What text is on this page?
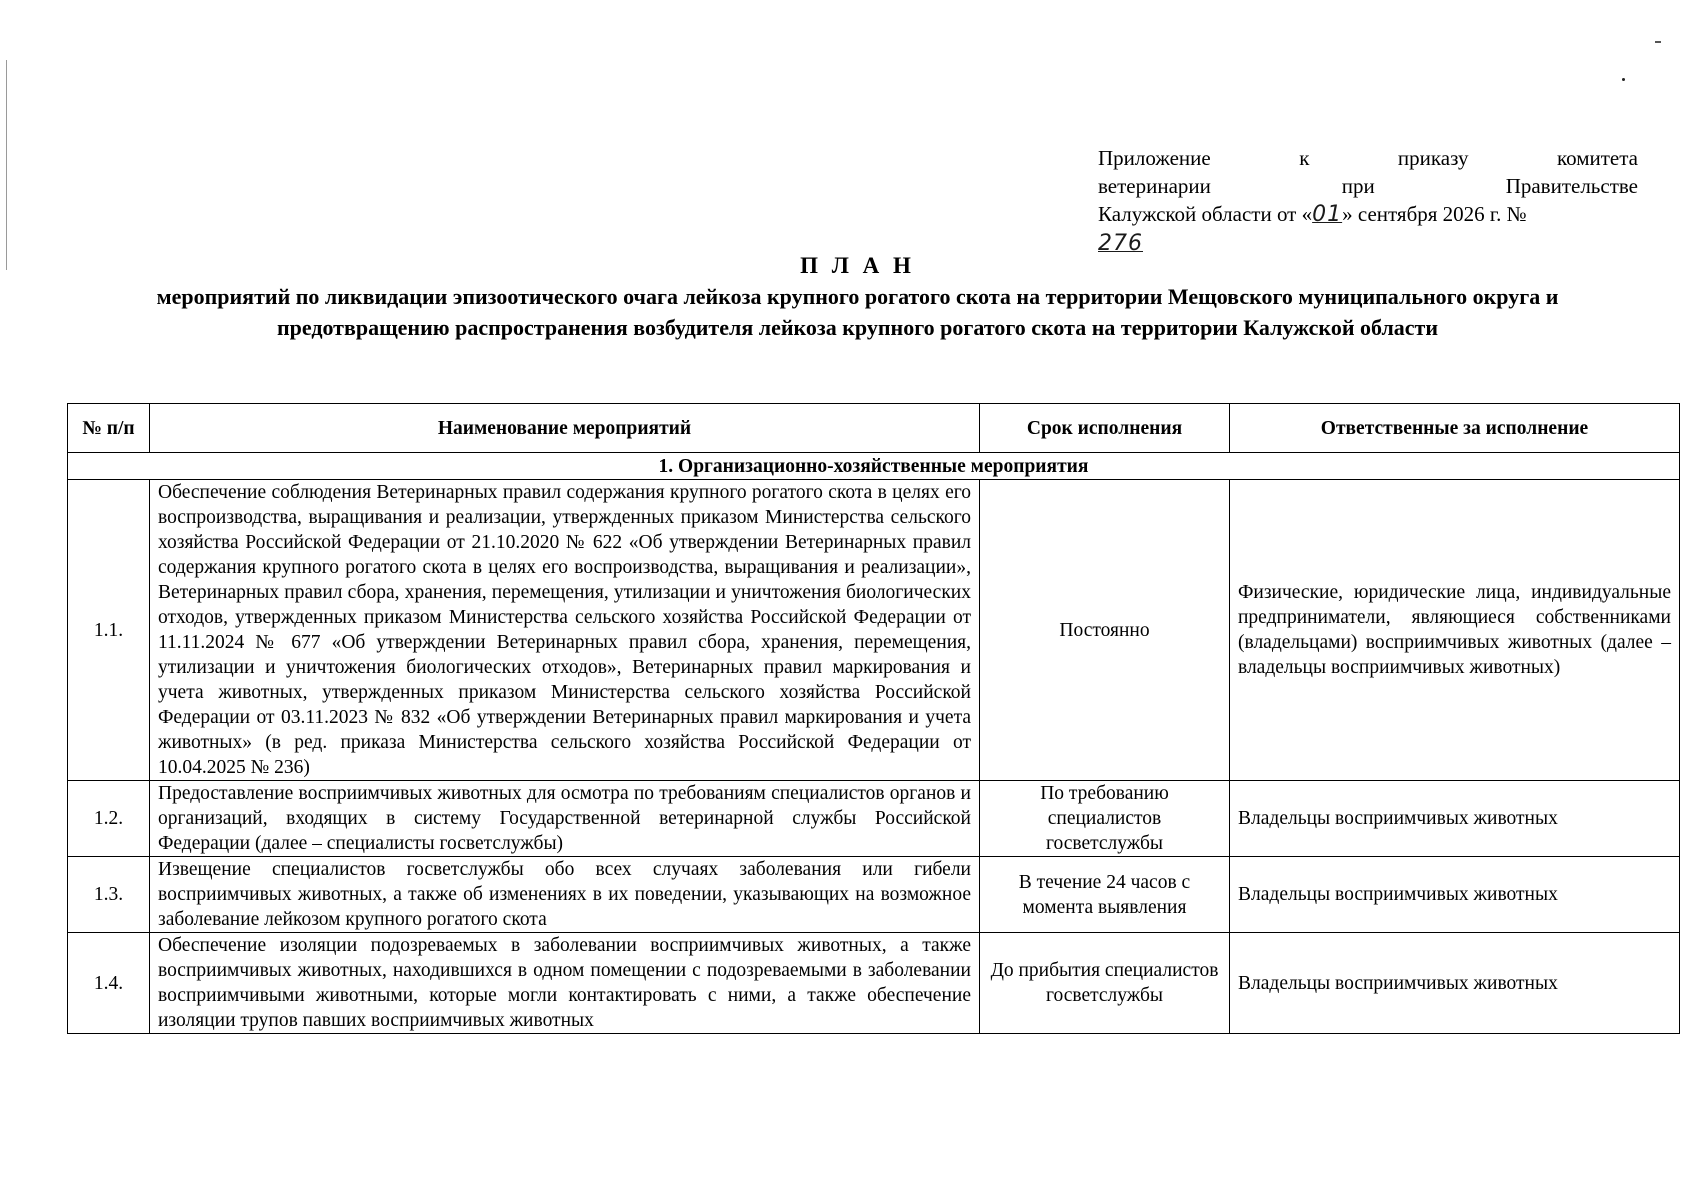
Приложение	к	приказу	комитета
ветеринарии	при	Правительстве
Калужской области от «01» сентября 2026 г. №
276
П Л А Н
мероприятий по ликвидации эпизоотического очага лейкоза крупного рогатого скота на территории Мещовского муниципального округа и предотвращению распространения возбудителя лейкоза крупного рогатого скота на территории Калужской области
№ п/п	Наименование мероприятий	Срок исполнения	Ответственные за исполнение
1. Организационно-хозяйственные мероприятия			
1.1.	Обеспечение соблюдения Ветеринарных правил содержания крупного рогатого скота в целях его воспроизводства, выращивания и реализации, утвержденных приказом Министерства сельского хозяйства Российской Федерации от 21.10.2020 № 622 «Об утверждении Ветеринарных правил содержания крупного рогатого скота в целях его воспроизводства, выращивания и реализации», Ветеринарных правил сбора, хранения, перемещения, утилизации и уничтожения биологических отходов, утвержденных приказом Министерства сельского хозяйства Российской Федерации от 11.11.2024 № 677 «Об утверждении Ветеринарных правил сбора, хранения, перемещения, утилизации и уничтожения биологических отходов», Ветеринарных правил маркирования и учета животных, утвержденных приказом Министерства сельского хозяйства Российской Федерации от 03.11.2023 № 832 «Об утверждении Ветеринарных правил маркирования и учета животных» (в ред. приказа Министерства сельского хозяйства Российской Федерации от 10.04.2025 № 236)	Постоянно	Физические, юридические лица, индивидуальные предприниматели, являющиеся собственниками (владельцами) восприимчивых животных (далее – владельцы восприимчивых животных)
1.2.	Предоставление восприимчивых животных для осмотра по требованиям специалистов органов и организаций, входящих в систему Государственной ветеринарной службы Российской Федерации (далее – специалисты госветслужбы)	По требованию специалистов госветслужбы	Владельцы восприимчивых животных
1.3.	Извещение специалистов госветслужбы обо всех случаях заболевания или гибели восприимчивых животных, а также об изменениях в их поведении, указывающих на возможное заболевание лейкозом крупного рогатого скота	В течение 24 часов с момента выявления	Владельцы восприимчивых животных
1.4.	Обеспечение изоляции подозреваемых в заболевании восприимчивых животных, а также восприимчивых животных, находившихся в одном помещении с подозреваемыми в заболевании восприимчивыми животными, которые могли контактировать с ними, а также обеспечение изоляции трупов павших восприимчивых животных	До прибытия специалистов госветслужбы	Владельцы восприимчивых животных
